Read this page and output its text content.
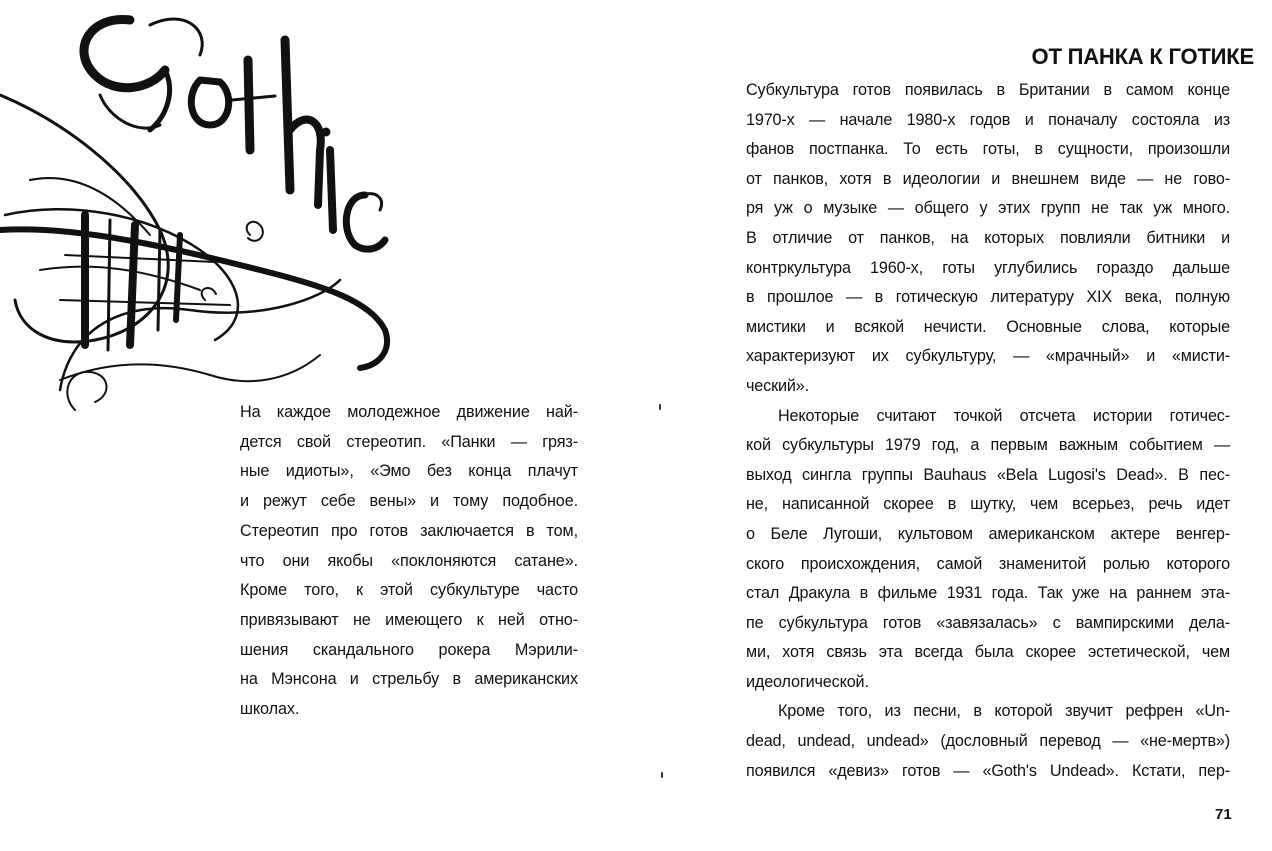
На каждое молодежное движение най-
дется свой стереотип. «Панки — гряз-
ные идиоты», «Эмо без конца плачут
и режут себе вены» и тому подобное.
Стереотип про готов заключается в том,
что они якобы «поклоняются сатане».
Кроме того, к этой субкультуре часто
привязывают не имеющего к ней отно-
шения скандального рокера Мэрили-
на Мэнсона и стрельбу в американских
школах.
ОТ ПАНКА К ГОТИКЕ
Субкультура готов появилась в Британии в самом конце
1970-х — начале 1980-х годов и поначалу состояла из
фанов постпанка. То есть готы, в сущности, произошли
от панков, хотя в идеологии и внешнем виде — не гово-
ря уж о музыке — общего у этих групп не так уж много.
В отличие от панков, на которых повлияли битники и
контркультура 1960-х, готы углубились гораздо дальше
в прошлое — в готическую литературу XIX века, полную
мистики и всякой нечисти. Основные слова, которые
характеризуют их субкультуру, — «мрачный» и «мисти-
ческий».
Некоторые считают точкой отсчета истории готичес-
кой субкультуры 1979 год, а первым важным событием —
выход сингла группы Bauhaus «Bela Lugosi's Dead». В пес-
не, написанной скорее в шутку, чем всерьез, речь идет
о Беле Лугоши, культовом американском актере венгер-
ского происхождения, самой знаменитой ролью которого
стал Дракула в фильме 1931 года. Так уже на раннем эта-
пе субкультура готов «завязалась» с вампирскими дела-
ми, хотя связь эта всегда была скорее эстетической, чем
идеологической.
Кроме того, из песни, в которой звучит рефрен «Un-
dead, undead, undead» (дословный перевод — «не-мертв»)
появился «девиз» готов — «Goth's Undead». Кстати, пер-
71
